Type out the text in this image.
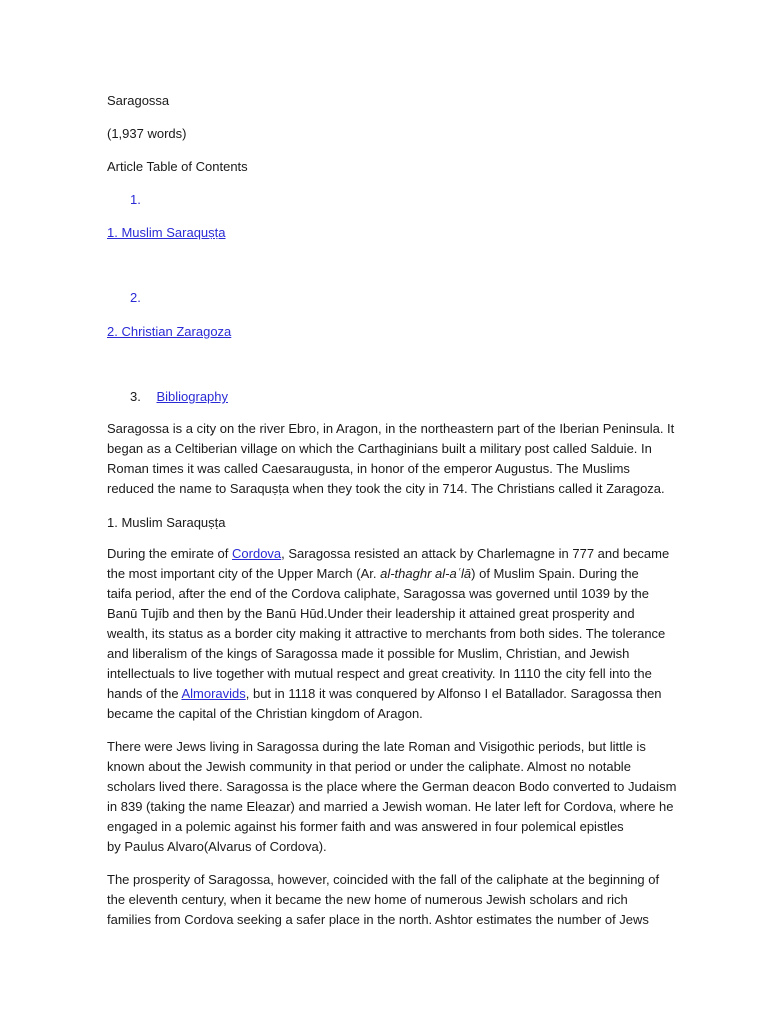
Saragossa
(1,937 words)
Article Table of Contents
1.
1. Muslim Saraquṣṭa
2.
2. Christian Zaragoza
3. Bibliography

Saragossa is a city on the river Ebro, in Aragon, in the northeastern part of the Iberian Peninsula. It

began as a Celtiberian village on which the Carthaginians built a military post called Salduie. In

Roman times it was called Caesaraugusta, in honor of the emperor Augustus. The Muslims

reduced the name to Saraquṣṭa when they took the city in 714. The Christians called it Zaragoza.

1. Muslim Saraquṣṭa

During the emirate of Cordova, Saragossa resisted an attack by Charlemagne in 777 and became

the most important city of the Upper March (Ar. al-thaghr al-aʿlā) of Muslim Spain. During the

taifa period, after the end of the Cordova caliphate, Saragossa was governed until 1039 by the

Banū Tujīb and then by the Banū Hūd.Under their leadership it attained great prosperity and

wealth, its status as a border city making it attractive to merchants from both sides. The tolerance

and liberalism of the kings of Saragossa made it possible for Muslim, Christian, and Jewish

intellectuals to live together with mutual respect and great creativity. In 1110 the city fell into the

hands of the Almoravids, but in 1118 it was conquered by Alfonso I el Batallador. Saragossa then

became the capital of the Christian kingdom of Aragon.

There were Jews living in Saragossa during the late Roman and Visigothic periods, but little is

known about the Jewish community in that period or under the caliphate. Almost no notable

scholars lived there. Saragossa is the place where the German deacon Bodo converted to Judaism

in 839 (taking the name Eleazar) and married a Jewish woman. He later left for Cordova, where he

engaged in a polemic against his former faith and was answered in four polemical epistles

by Paulus Alvaro(Alvarus of Cordova).

The prosperity of Saragossa, however, coincided with the fall of the caliphate at the beginning of

the eleventh century, when it became the new home of numerous Jewish scholars and rich

families from Cordova seeking a safer place in the north. Ashtor estimates the number of Jews
